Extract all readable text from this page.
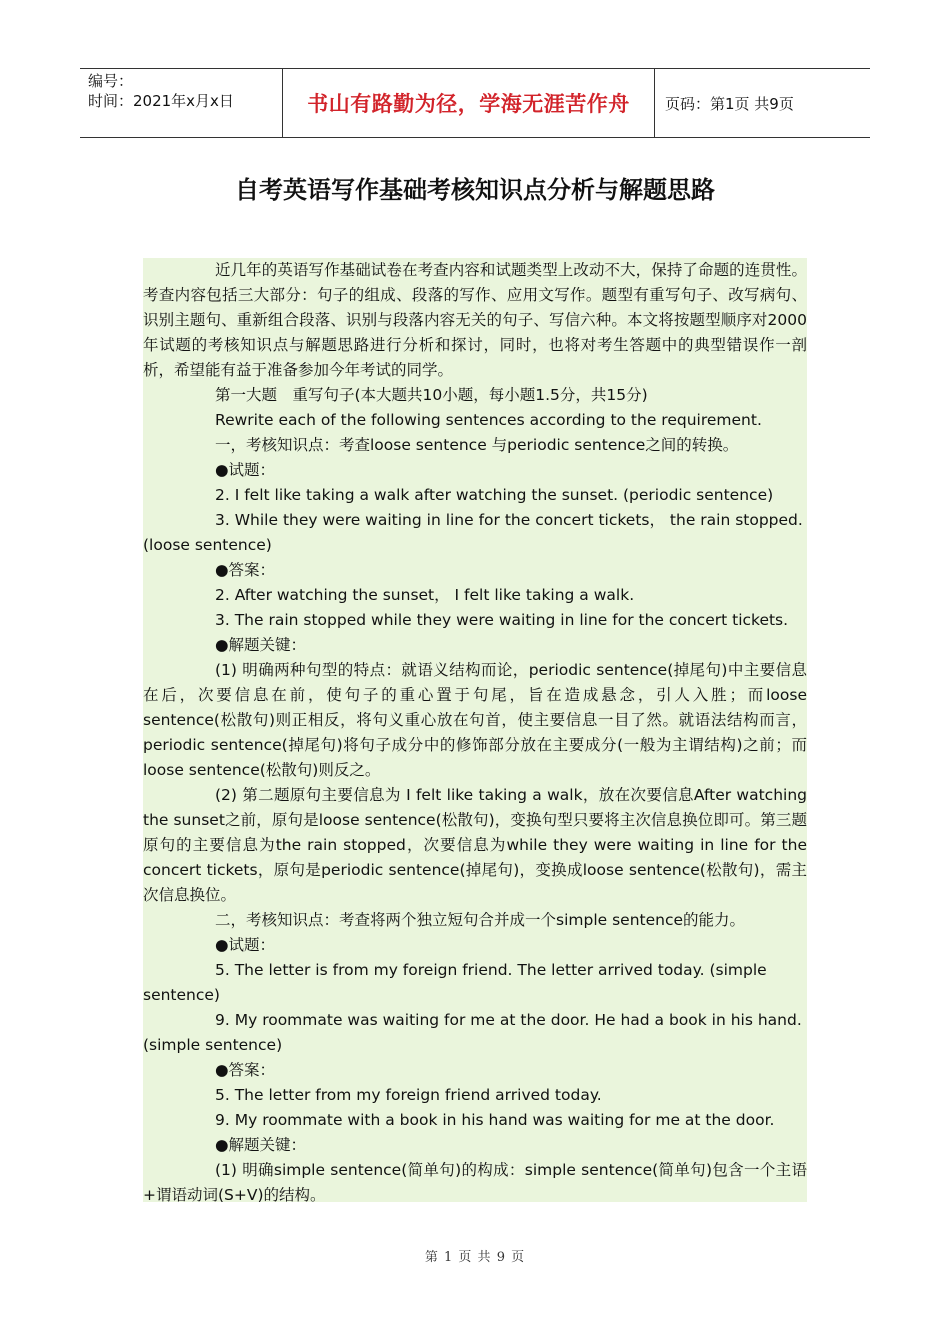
编号：
时间：2021年x月x日	书山有路勤为径，学海无涯苦作舟 页码：第1页 共9页
自考英语写作基础考核知识点分析与解题思路

近几年的英语写作基础试卷在考查内容和试题类型上改动不大，保持了命题的连贯性。考查内容包括三大部分：句子的组成、段落的写作、应用文写作。题型有重写句子、改写病句、识别主题句、重新组合段落、识别与段落内容无关的句子、写信六种。本文将按题型顺序对2000年试题的考核知识点与解题思路进行分析和探讨，同时，也将对考生答题中的典型错误作一剖析，希望能有益于准备参加今年考试的同学。

第一大题　重写句子(本大题共10小题，每小题1.5分，共15分)

Rewrite each of the following sentences according to the requirement.

一，考核知识点：考查loose sentence 与periodic sentence之间的转换。

●试题：

2. I felt like taking a walk after watching the sunset. (periodic sentence)

3. While they were waiting in line for the concert tickets， the rain stopped. (loose sentence)

●答案：

2. After watching the sunset， I felt like taking a walk.

3. The rain stopped while they were waiting in line for the concert tickets.

●解题关键：

(1) 明确两种句型的特点：就语义结构而论，periodic sentence(掉尾句)中主要信息在后，次要信息在前，使句子的重心置于句尾，旨在造成悬念，引人入胜；而loose sentence(松散句)则正相反，将句义重心放在句首，使主要信息一目了然。就语法结构而言，periodic sentence(掉尾句)将句子成分中的修饰部分放在主要成分(一般为主谓结构)之前；而loose sentence(松散句)则反之。

(2) 第二题原句主要信息为 I felt like taking a walk，放在次要信息After watching the sunset之前，原句是loose sentence(松散句)，变换句型只要将主次信息换位即可。第三题原句的主要信息为the rain stopped，次要信息为while they were waiting in line for the concert tickets，原句是periodic sentence(掉尾句)，变换成loose sentence(松散句)，需主次信息换位。

二，考核知识点：考查将两个独立短句合并成一个simple sentence的能力。

●试题：

5. The letter is from my foreign friend. The letter arrived today. (simple sentence)

9. My roommate was waiting for me at the door. He had a book in his hand. (simple sentence)

●答案：

5. The letter from my foreign friend arrived today.

9. My roommate with a book in his hand was waiting for me at the door.

●解题关键：

(1) 明确simple sentence(简单句)的构成：simple sentence(简单句)包含一个主语+谓语动词(S+V)的结构。

第 1 页 共 9 页
